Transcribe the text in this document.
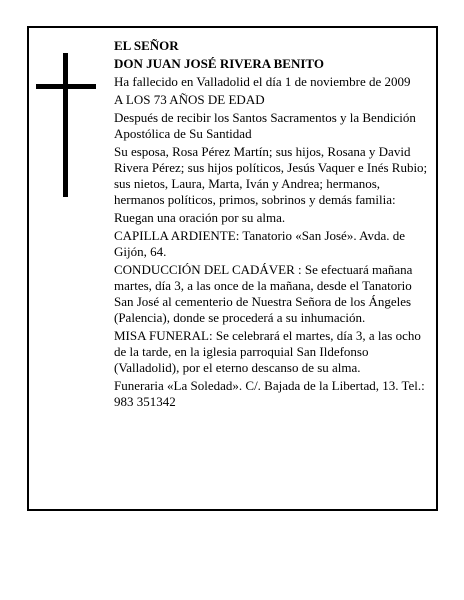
EL SEÑOR

DON JUAN JOSÉ RIVERA BENITO

Ha fallecido en Valladolid el día 1 de noviembre de 2009

A LOS 73 AÑOS DE EDAD

Después de recibir los Santos Sacramentos y la Bendición Apostólica de Su Santidad

Su esposa, Rosa Pérez Martín; sus hijos, Rosana y David Rivera Pérez; sus hijos políticos, Jesús Vaquer e Inés Rubio; sus nietos, Laura, Marta, Iván y Andrea; hermanos, hermanos políticos, primos, sobrinos y demás familia:

Ruegan una oración por su alma.

CAPILLA ARDIENTE: Tanatorio «San José». Avda. de Gijón, 64.

CONDUCCIÓN DEL CADÁVER : Se efectuará mañana martes, día 3, a las once de la mañana, desde el Tanatorio San José al cementerio de Nuestra Señora de los Ángeles (Palencia), donde se procederá a su inhumación.

MISA FUNERAL: Se celebrará el martes, día 3, a las ocho de la tarde, en la iglesia parroquial San Ildefonso (Valladolid), por el eterno descanso de su alma.

Funeraria «La Soledad». C/. Bajada de la Libertad, 13. Tel.: 983 351342
